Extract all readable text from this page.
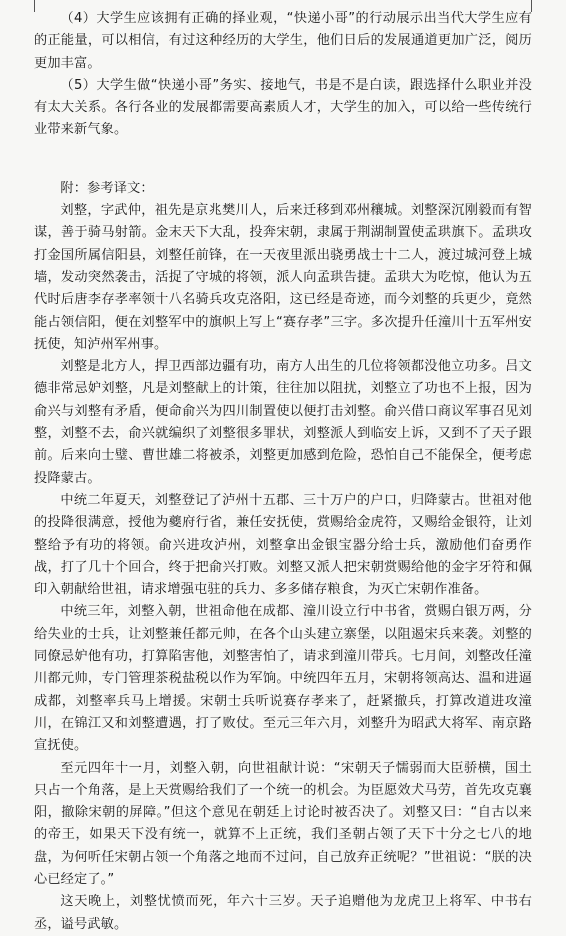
（4）大学生应该拥有正确的择业观，“快递小哥”的行动展示出当代大学生应有的正能量，可以相信，有过这种经历的大学生，他们日后的发展通道更加广泛，阅历更加丰富。

（5）大学生做“快递小哥”务实、接地气，书是不是白读，跟选择什么职业并没有太大关系。各行各业的发展都需要高素质人才，大学生的加入，可以给一些传统行业带来新气象。

附：参考译文：

刘整，字武仲，祖先是京兆樊川人，后来迁移到邓州穰城。刘整深沉刚毅而有智谋，善于骑马射箭。金末天下大乱，投奔宋朝，隶属于荆湖制置使孟珙旗下。孟珙攻打金国所属信阳县，刘整任前锋，在一天夜里派出骁勇战士十二人，渡过城河登上城墙，发动突然袭击，活捉了守城的将领，派人向孟珙告捷。孟珙大为吃惊，他认为五代时后唐李存孝率领十八名骑兵攻克洛阳，这已经是奇迹，而今刘整的兵更少，竟然能占领信阳，便在刘整军中的旗帜上写上“赛存孝”三字。多次提升任潼川十五军州安抚使，知泸州军州事。

刘整是北方人，捍卫西部边疆有功，南方人出生的几位将领都没他立功多。吕文德非常忌妒刘整，凡是刘整献上的计策，往往加以阻扰，刘整立了功也不上报，因为俞兴与刘整有矛盾，便命俞兴为四川制置使以便打击刘整。俞兴借口商议军事召见刘整，刘整不去，俞兴就编织了刘整很多罪状，刘整派人到临安上诉，又到不了天子跟前。后来向士璧、曹世雄二将被杀，刘整更加感到危险，恐怕自己不能保全，便考虑投降蒙古。

中统二年夏天，刘整登记了泸州十五郡、三十万户的户口，归降蒙古。世祖对他的投降很满意，授他为夔府行省，兼任安抚使，赏赐给金虎符，又赐给金银符，让刘整给予有功的将领。俞兴进攻泸州，刘整拿出金银宝器分给士兵，激励他们奋勇作战，打了几十个回合，终于把俞兴打败。刘整又派人把宋朝赏赐给他的金字牙符和佩印入朝献给世祖，请求增强屯驻的兵力、多多储存粮食，为灭亡宋朝作准备。

中统三年，刘整入朝，世祖命他在成都、潼川设立行中书省，赏赐白银万两，分给失业的士兵，让刘整兼任都元帅，在各个山头建立寨堡，以阻遏宋兵来袭。刘整的同僚忌妒他有功，打算陷害他，刘整害怕了，请求到潼川带兵。七月间，刘整改任潼川都元帅，专门管理茶税盐税以作为军饷。中统四年五月，宋朝将领高达、温和进逼成都，刘整率兵马上增援。宋朝士兵听说赛存孝来了，赶紧撤兵，打算改道进攻潼川，在锦江又和刘整遭遇，打了败仗。至元三年六月，刘整升为昭武大将军、南京路宣抚使。

至元四年十一月，刘整入朝，向世祖献计说：“宋朝天子懦弱而大臣骄横，国土只占一个角落，是上天赏赐给我们了一个统一的机会。为臣愿效犬马劳，首先攻克襄阳，撤除宋朝的屏障。”但这个意见在朝廷上讨论时被否决了。刘整又曰：“自古以来的帝王，如果天下没有统一，就算不上正统，我们圣朝占领了天下十分之七八的地盘，为何听任宋朝占领一个角落之地而不过问，自己放弃正统呢？”世祖说：“朕的决心已经定了。”

这天晚上，刘整忧愤而死，年六十三岁。天子追赠他为龙虎卫上将军、中书右丞，谥号武敏。
